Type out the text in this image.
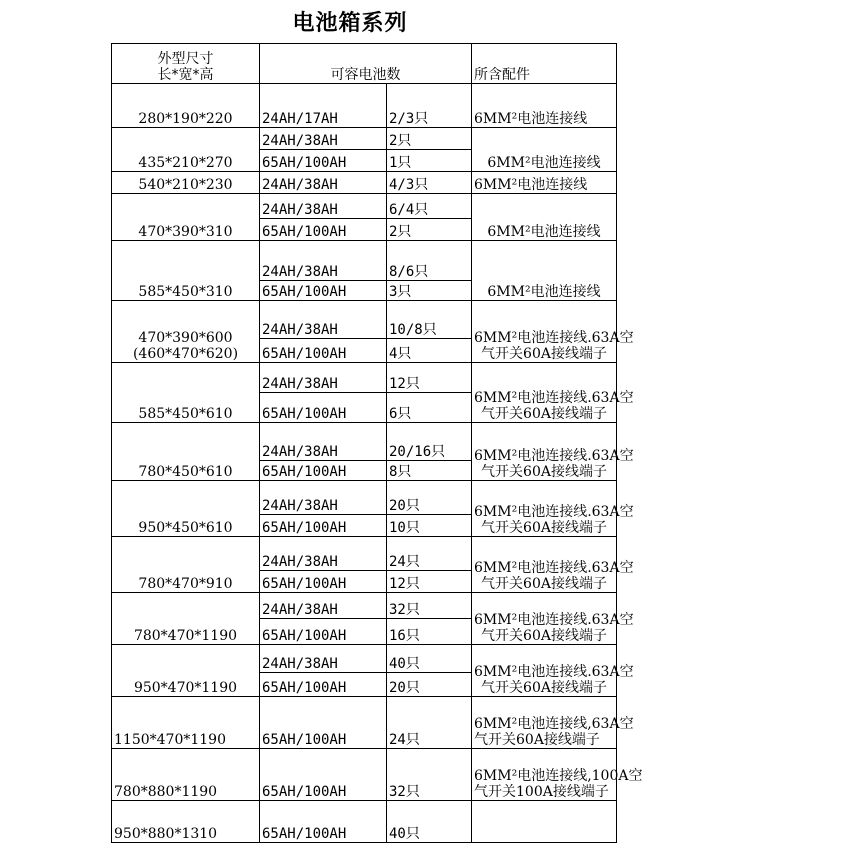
电池箱系列
外型尺寸
长*宽*高	可容电池数		所含配件
280*190*220	24AH/17AH	2/3只	6MM²电池连接线

435*210*270	24AH/38AH	2只	6MM²电池连接线

	65AH/100AH	1只	
540*210*230	24AH/38AH	4/3只	6MM²电池连接线

470*390*310	24AH/38AH	6/4只	6MM²电池连接线

	65AH/100AH	2只	
585*450*310	24AH/38AH	8/6只	6MM²电池连接线

	65AH/100AH	3只	

470*390*600
(460*470*620)	24AH/38AH	10/8只	6MM²电池连接线.63A空
气开关60A接线端子

	65AH/100AH	4只	
585*450*610	24AH/38AH	12只	6MM²电池连接线.63A空
气开关60A接线端子

	65AH/100AH	6只	
780*450*610	24AH/38AH	20/16只	6MM²电池连接线.63A空
气开关60A接线端子

	65AH/100AH	8只	
950*450*610	24AH/38AH	20只	6MM²电池连接线.63A空
气开关60A接线端子

	65AH/100AH	10只	
780*470*910	24AH/38AH	24只	6MM²电池连接线.63A空
气开关60A接线端子

	65AH/100AH	12只	
780*470*1190	24AH/38AH	32只	6MM²电池连接线.63A空
气开关60A接线端子

	65AH/100AH	16只	
950*470*1190	24AH/38AH	40只	6MM²电池连接线.63A空
气开关60A接线端子

	65AH/100AH	20只	
1150*470*1190	65AH/100AH	24只	6MM²电池连接线,63A空
气开关60A接线端子

780*880*1190	65AH/100AH	32只	6MM²电池连接线,100A空
气开关100A接线端子

950*880*1310	65AH/100AH	40只	
